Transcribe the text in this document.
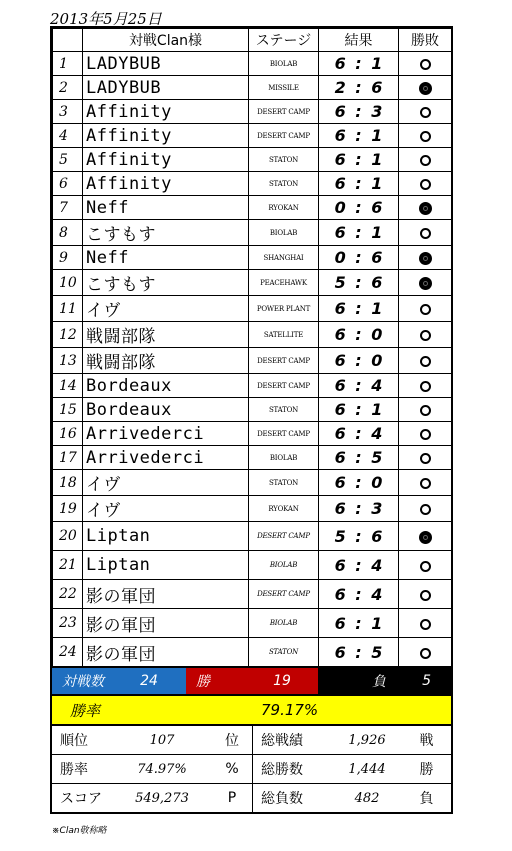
2013年5月25日
	対戦Clan様	ステージ	結果	勝敗
1	LADYBUB	BIOLAB	6 : 1	
2	LADYBUB	MISSILE	2 : 6	
3	Affinity	DESERT CAMP	6 : 3	
4	Affinity	DESERT CAMP	6 : 1	
5	Affinity	STATON	6 : 1	
6	Affinity	STATON	6 : 1	
7	Neff	RYOKAN	0 : 6	
8	こすもす	BIOLAB	6 : 1	
9	Neff	SHANGHAI	0 : 6	
10	こすもす	PEACEHAWK	5 : 6	
11	イヴ	POWER PLANT	6 : 1	
12	戦闘部隊	SATELLITE	6 : 0	
13	戦闘部隊	DESERT CAMP	6 : 0	
14	Bordeaux	DESERT CAMP	6 : 4	
15	Bordeaux	STATON	6 : 1	
16	Arrivederci	DESERT CAMP	6 : 4	
17	Arrivederci	BIOLAB	6 : 5	
18	イヴ	STATON	6 : 0	
19	イヴ	RYOKAN	6 : 3	
20	Liptan	DESERT CAMP	5 : 6	
21	Liptan	BIOLAB	6 : 4	
22	影の軍団	DESERT CAMP	6 : 4	
23	影の軍団	BIOLAB	6 : 1	
24	影の軍団	STATON	6 : 5	
対戦数	24	勝	19	負	5
勝率	79.17%
順位	107	位	総戦績	1,926	戦
勝率	74.97%	%	総勝数	1,444	勝
スコア	549,273	P	総負数	482	負
※Clan敬称略
